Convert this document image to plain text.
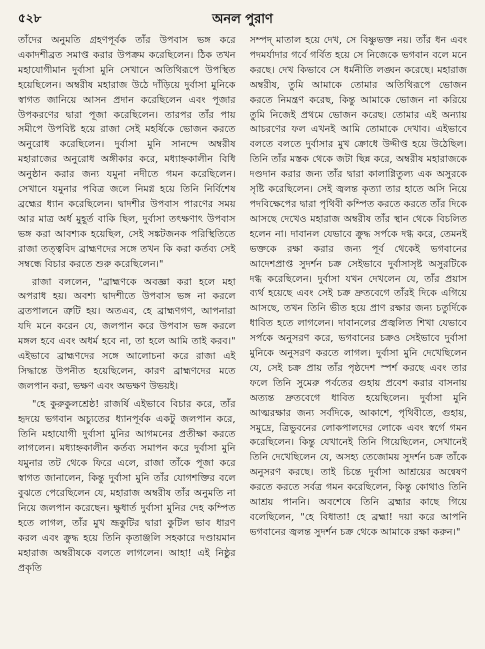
৫২৮	অনল পুরাণ

তাঁদের অনুমতি গ্রহণপূর্বক তাঁর উপবাস ভঙ্গ করে একাদশীব্রত সমাপ্ত করার উপক্রম করেছিলেন। ঠিক তখন মহাযোগীমান দুর্বাসা মুনি সেখানে অতিথিরূপে উপস্থিত হয়েছিলেন। অম্বরীষ মহারাজ উঠে দাঁড়িয়ে দুর্বাসা মুনিকে স্বাগত জানিয়ে আসন প্রদান করেছিলেন এবং পূজার উপকরণের দ্বারা পূজা করেছিলেন। তারপর তাঁর পায় সমীপে উপবিষ্ট হয়ে রাজা সেই মহর্ষিকে ভোজন করতে অনুরোধ করেছিলেন। দুর্বাসা মুনি সানন্দে অম্বরীষ মহারাজের অনুরোধ অঙ্গীকার করে, মধ্যাহ্নকালীন বিধি অনুষ্ঠান করার জন্য যমুনা নদীতে গমন করেছিলেন। সেখানে যমুনার পবিত্র জলে নিমগ্ন হয়ে তিনি নির্বিশেষ ব্রহ্মের ধ্যান করেছিলেন। দ্বাদশীর উপবাস পারণের সময় আর মাত্র অর্ধ মুহূর্ত বাকি ছিল, দুর্বাসা তৎক্ষণাৎ উপবাস ভঙ্গ করা আবশ্যক হয়েছিল, সেই সঙ্কটজনক পরিস্থিতিতে রাজা তত্ত্ববিদ ব্রাহ্মণদের সঙ্গে তখন কি করা কর্তব্য সেই সম্বন্ধে বিচার করতে শুরু করেছিলেন।"

রাজা বললেন, "ব্রাহ্মণকে অবজ্ঞা করা হলে মহা অপরাধ হয়। অবশ্য দ্বাদশীতে উপবাস ভঙ্গ না করলে ব্রতপালনে ত্রুটি হয়। অতএব, হে ব্রাহ্মণগণ, আপনারা যদি মনে করেন যে, জলপান করে উপবাস ভঙ্গ করলে মঙ্গল হবে এবং অধর্ম হবে না, তা হলে আমি তাই করব।" এইভাবে ব্রাহ্মণদের সঙ্গে আলোচনা করে রাজা এই সিদ্ধান্তে উপনীত হয়েছিলেন, কারণ ব্রাহ্মণদের মতে জলপান করা, ভক্ষণ এবং অভক্ষণ উভয়ই।

"হে কুরুকুলশ্রেষ্ঠ! রাজর্ষি এইভাবে বিচার করে, তাঁর হৃদয়ে ভগবান অচ্যুতের ধ্যানপূর্বক একটু জলপান করে, তিনি মহাযোগী দুর্বাসা মুনির আগমনের প্রতীক্ষা করতে লাগলেন। মধ্যাহ্নকালীন কর্তব্য সমাপন করে দুর্বাসা মুনি যমুনার তট থেকে ফিরে এলে, রাজা তাঁকে পূজা করে স্বাগত জানালেন, কিন্তু দুর্বাসা মুনি তাঁর যোগশক্তির বলে বুঝতে পেরেছিলেন যে, মহারাজ অম্বরীষ তাঁর অনুমতি না নিয়ে জলপান করেছেন। ক্ষুধার্ত দুর্বাসা মুনির দেহ কম্পিত হতে লাগল, তাঁর মুখ ভ্রূকুটির দ্বারা কুটিল ভাব ধারণ করল এবং ক্রুদ্ধ হয়ে তিনি কৃতাঞ্জলি সহকারে দণ্ডায়মান মহারাজ অম্বরীষকে বলতে লাগলেন। আহা! এই নিষ্ঠুর প্রকৃতি

সম্পদ্ মাতাল হয়ে দেখ, সে বিষ্ণুভক্ত নয়। তাঁর ধন এবং পদমর্যাদার গর্বে গর্বিত হয়ে সে নিজেকে ভগবান বলে মনে করছে। দেখ কিভাবে সে ধর্মনীতি লঙ্ঘন করেছে। মহারাজ অম্বরীষ, তুমি আমাকে তোমার অতিথিরূপে ভোজন করতে নিমন্ত্রণ করেছ, কিন্তু আমাকে ভোজন না করিয়ে তুমি নিজেই প্রথমে ভোজন করেছ। তোমার এই অন্যায় আচরণের ফল এখনই আমি তোমাকে দেখাব। এইভাবে বলতে বলতে দুর্বাসার মুখ ক্রোধে উদ্দীপ্ত হয়ে উঠেছিল। তিনি তাঁর মস্তক থেকে জটা ছিন্ন করে, অম্বরীষ মহারাজকে দণ্ডদান করার জন্য তাঁর দ্বারা কালাগ্নিতুল্য এক অসুরকে সৃষ্টি করেছিলেন। সেই জ্বলন্ত কৃত্যা তার হাতে অসি নিয়ে পদবিক্ষেপের দ্বারা পৃথিবী কম্পিত করতে করতে তাঁর দিকে আসছে দেখেও মহারাজ অম্বরীষ তাঁর স্থান থেকে বিচলিত হলেন না। দাবানল যেভাবে ক্রুদ্ধ সর্পকে দগ্ধ করে, তেমনই ভক্তকে রক্ষা করার জন্য পূর্ব থেকেই ভগবানের আদেশপ্রাপ্ত সুদর্শন চক্র সেইভাবে দুর্বাসাসৃষ্ট অসুরটিকে দগ্ধ করেছিলেন। দুর্বাসা যখন দেখলেন যে, তাঁর প্রয়াস ব্যর্থ হয়েছে এবং সেই চক্র দ্রুতবেগে তাঁরই দিকে এগিয়ে আসছে, তখন তিনি ভীত হয়ে প্রাণ রক্ষার জন্য চতুর্দিকে ধাবিত হতে লাগলেন। দাবানলের প্রজ্বলিত শিখা যেভাবে সর্পকে অনুসরণ করে, ভগবানের চক্রও সেইভাবে দুর্বাসা মুনিকে অনুসরণ করতে লাগল। দুর্বাসা মুনি দেখেছিলেন যে, সেই চক্র প্রায় তাঁর পৃষ্ঠদেশ স্পর্শ করছে এবং তার ফলে তিনি সুমেরু পর্বতের গুহায় প্রবেশ করার বাসনায় অত্যন্ত দ্রুতবেগে ধাবিত হয়েছিলেন। দুর্বাসা মুনি আত্মরক্ষার জন্য সর্বদিকে, আকাশে, পৃথিবীতে, গুহায়, সমুদ্রে, ত্রিভুবনের লোকপালদের লোকে এবং স্বর্গে গমন করেছিলেন। কিন্তু যেখানেই তিনি গিয়েছিলেন, সেখানেই তিনি দেখেছিলেন যে, অসহ্য তেজোময় সুদর্শন চক্র তাঁকে অনুসরণ করছে। তাই চিন্তে দুর্বাসা আশ্রয়ের অন্বেষণ করতে করতে সর্বত্র গমন করেছিলেন, কিন্তু কোথাও তিনি আশ্রয় পাননি। অবশেষে তিনি ব্রহ্মার কাছে গিয়ে বলেছিলেন, "হে বিধাতা! হে ব্রহ্মা! দয়া করে আপনি ভগবানের জ্বলন্ত সুদর্শন চক্র থেকে আমাকে রক্ষা করুন।"
